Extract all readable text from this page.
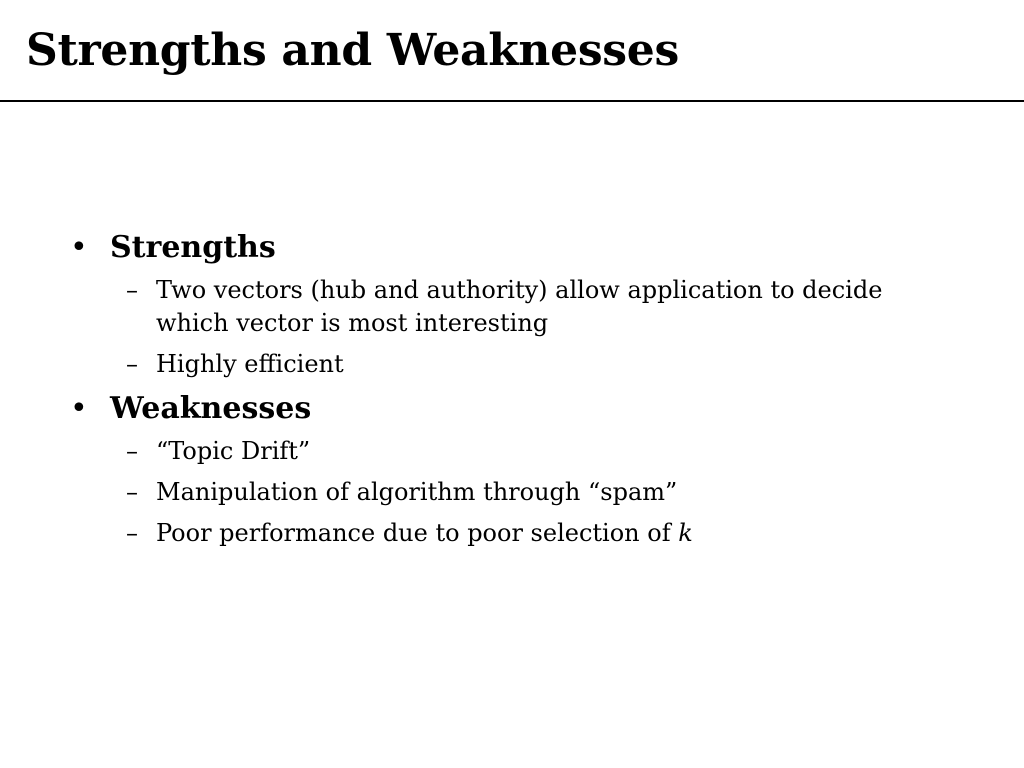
Strengths and Weaknesses
• Strengths
– Two vectors (hub and authority) allow application to decide which vector is most interesting
– Highly efficient
• Weaknesses
– “Topic Drift”
– Manipulation of algorithm through “spam”
– Poor performance due to poor selection of k
